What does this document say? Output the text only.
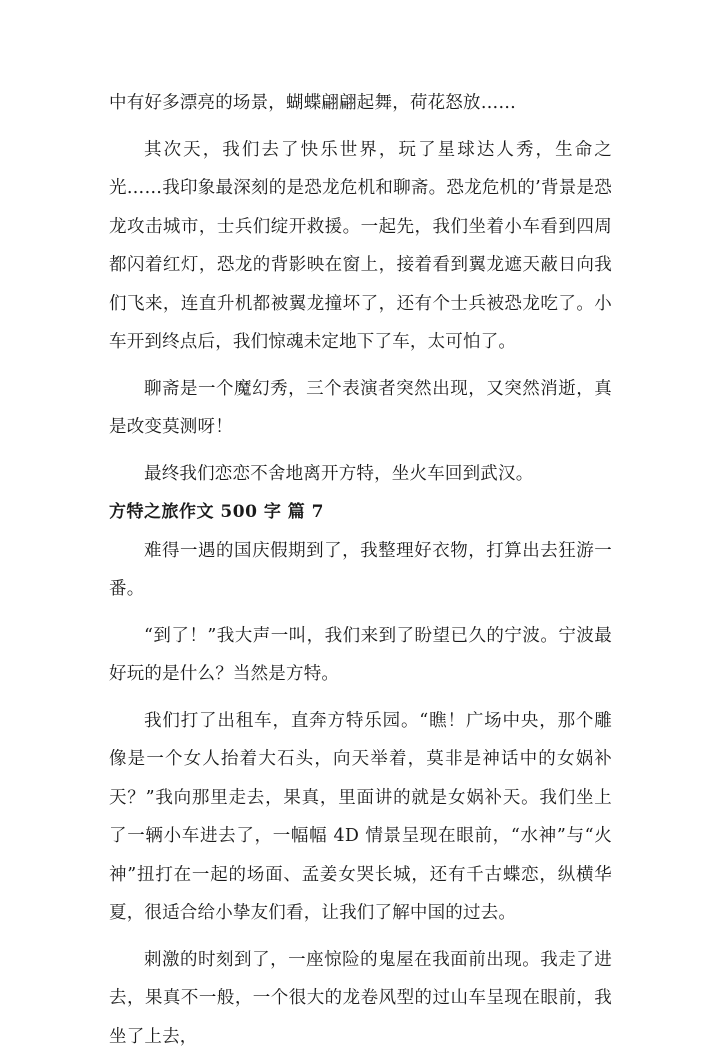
中有好多漂亮的场景，蝴蝶翩翩起舞，荷花怒放……

其次天，我们去了快乐世界，玩了星球达人秀，生命之光……我印象最深刻的是恐龙危机和聊斋。恐龙危机的’背景是恐龙攻击城市，士兵们绽开救援。一起先，我们坐着小车看到四周都闪着红灯，恐龙的背影映在窗上，接着看到翼龙遮天蔽日向我们飞来，连直升机都被翼龙撞坏了，还有个士兵被恐龙吃了。小车开到终点后，我们惊魂未定地下了车，太可怕了。

聊斋是一个魔幻秀，三个表演者突然出现，又突然消逝，真是改变莫测呀！

最终我们恋恋不舍地离开方特，坐火车回到武汉。

方特之旅作文 500 字 篇 7

难得一遇的国庆假期到了，我整理好衣物，打算出去狂游一番。

“到了！”我大声一叫，我们来到了盼望已久的宁波。宁波最好玩的是什么？当然是方特。

我们打了出租车，直奔方特乐园。“瞧！广场中央，那个雕像是一个女人抬着大石头，向天举着，莫非是神话中的女娲补天？”我向那里走去，果真，里面讲的就是女娲补天。我们坐上了一辆小车进去了，一幅幅 4D 情景呈现在眼前，“水神”与“火神”扭打在一起的场面、孟姜女哭长城，还有千古蝶恋，纵横华夏，很适合给小挚友们看，让我们了解中国的过去。

刺激的时刻到了，一座惊险的鬼屋在我面前出现。我走了进去，果真不一般，一个很大的龙卷风型的过山车呈现在眼前，我坐了上去，
